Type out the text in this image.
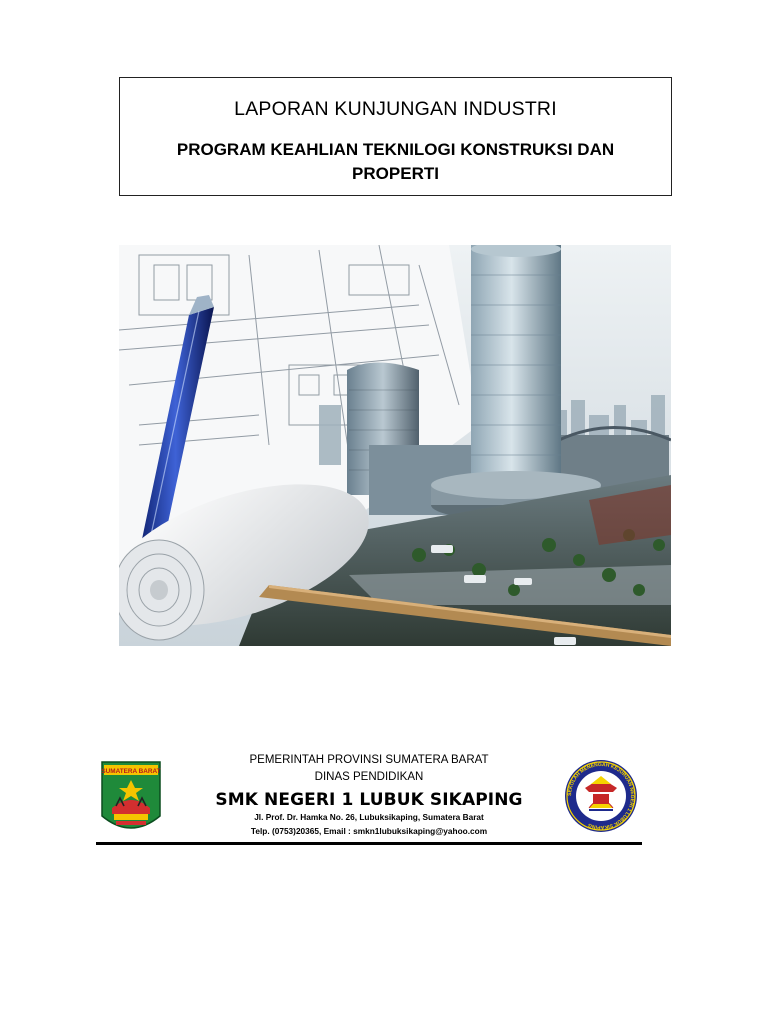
LAPORAN KUNJUNGAN INDUSTRI
PROGRAM KEAHLIAN TEKNILOGI KONSTRUKSI DAN
PROPERTI
SUMATERA BARAT
PEMERINTAH PROVINSI SUMATERA BARAT
DINAS PENDIDIKAN
SMK NEGERI 1 LUBUK SIKAPING
Jl. Prof. Dr. Hamka No. 26, Lubuksikaping, Sumatera Barat
Telp. (0753)20365, Email : smkn1lubuksikaping@yahoo.com
SEKOLAH MENENGAH KEJURUAN NEGERI 1 LUBUK SIKAPING
